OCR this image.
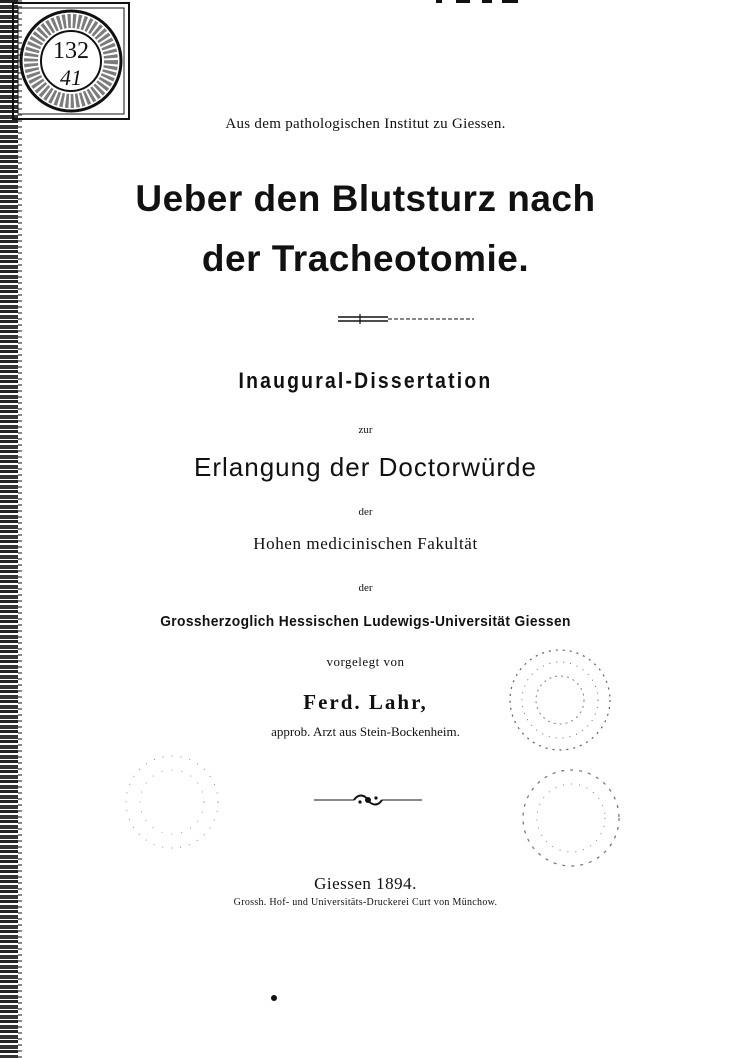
132
41
Aus dem pathologischen Institut zu Giessen.
Ueber den Blutsturz nach
der Tracheotomie.
Inaugural-Dissertation
zur
Erlangung der Doctorwürde
der
Hohen medicinischen Fakultät
der
Grossherzoglich Hessischen Ludewigs-Universität Giessen
vorgelegt von
Ferd. Lahr,
approb. Arzt aus Stein-Bockenheim.
Giessen 1894.
Grossh. Hof- und Universitäts-Druckerei Curt von Münchow.
